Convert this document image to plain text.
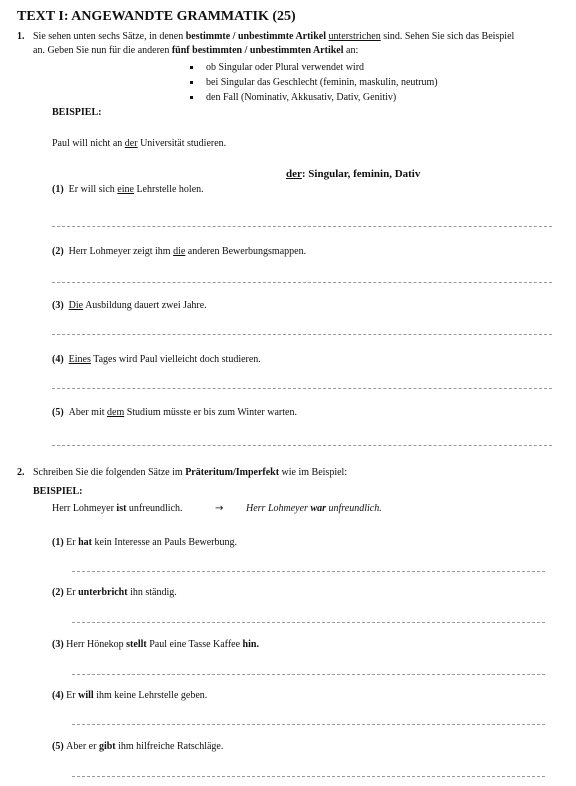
TEXT I: ANGEWANDTE GRAMMATIK (25)
1. Sie sehen unten sechs Sätze, in denen bestimmte / unbestimmte Artikel unterstrichen sind. Sehen Sie sich das Beispiel
an. Geben Sie nun für die anderen fünf bestimmten / unbestimmten Artikel an:
ob Singular oder Plural verwendet wird
bei Singular das Geschlecht (feminin, maskulin, neutrum)
den Fall (Nominativ, Akkusativ, Dativ, Genitiv)
BEISPIEL:
Paul will nicht an der Universität studieren.
der: Singular, feminin, Dativ
(1) Er will sich eine Lehrstelle holen.
(2) Herr Lohmeyer zeigt ihm die anderen Bewerbungsmappen.
(3) Die Ausbildung dauert zwei Jahre.
(4) Eines Tages wird Paul vielleicht doch studieren.
(5) Aber mit dem Studium müsste er bis zum Winter warten.
2. Schreiben Sie die folgenden Sätze im Präteritum/Imperfekt wie im Beispiel:
BEISPIEL:
Herr Lohmeyer ist unfreundlich.	→ Herr Lohmeyer war unfreundlich.
(1) Er hat kein Interesse an Pauls Bewerbung.
(2) Er unterbricht ihn ständig.
(3) Herr Hönekop stellt Paul eine Tasse Kaffee hin.
(4) Er will ihm keine Lehrstelle geben.
(5) Aber er gibt ihm hilfreiche Ratschläge.
